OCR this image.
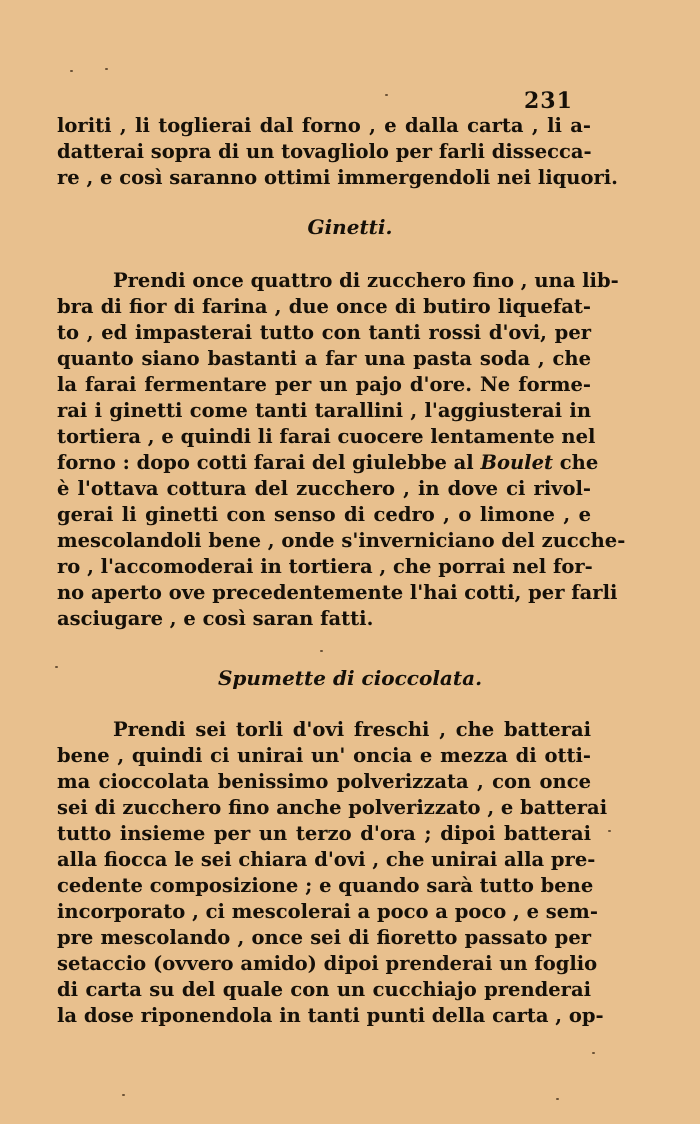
231
loriti , li toglierai dal forno , e dalla carta , li a-
datterai sopra di un tovagliolo per farli dissecca-
re , e così saranno ottimi immergendoli nei liquori.
Ginetti.
Prendi once quattro di zucchero fino , una lib-
bra di fior di farina , due once di butiro liquefat-
to , ed impasterai tutto con tanti rossi d'ovi, per
quanto siano bastanti a far una pasta soda , che
la farai fermentare per un pajo d'ore. Ne forme-
rai i ginetti come tanti tarallini , l'aggiusterai in
tortiera , e quindi li farai cuocere lentamente nel
forno : dopo cotti farai del giulebbe al Boulet che
è l'ottava cottura del zucchero , in dove ci rivol-
gerai li ginetti con senso di cedro , o limone , e
mescolandoli bene , onde s'inverniciano del zucche-
ro , l'accomoderai in tortiera , che porrai nel for-
no aperto ove precedentemente l'hai cotti, per farli
asciugare , e così saran fatti.
Spumette di cioccolata.
Prendi sei torli d'ovi freschi , che batterai
bene , quindi ci unirai un' oncia e mezza di otti-
ma cioccolata benissimo polverizzata , con once
sei di zucchero fino anche polverizzato , e batterai
tutto insieme per un terzo d'ora ; dipoi batterai
alla fiocca le sei chiara d'ovi , che unirai alla pre-
cedente composizione ; e quando sarà tutto bene
incorporato , ci mescolerai a poco a poco , e sem-
pre mescolando , once sei di fioretto passato per
setaccio (ovvero amido) dipoi prenderai un foglio
di carta su del quale con un cucchiajo prenderai
la dose riponendola in tanti punti della carta , op-
